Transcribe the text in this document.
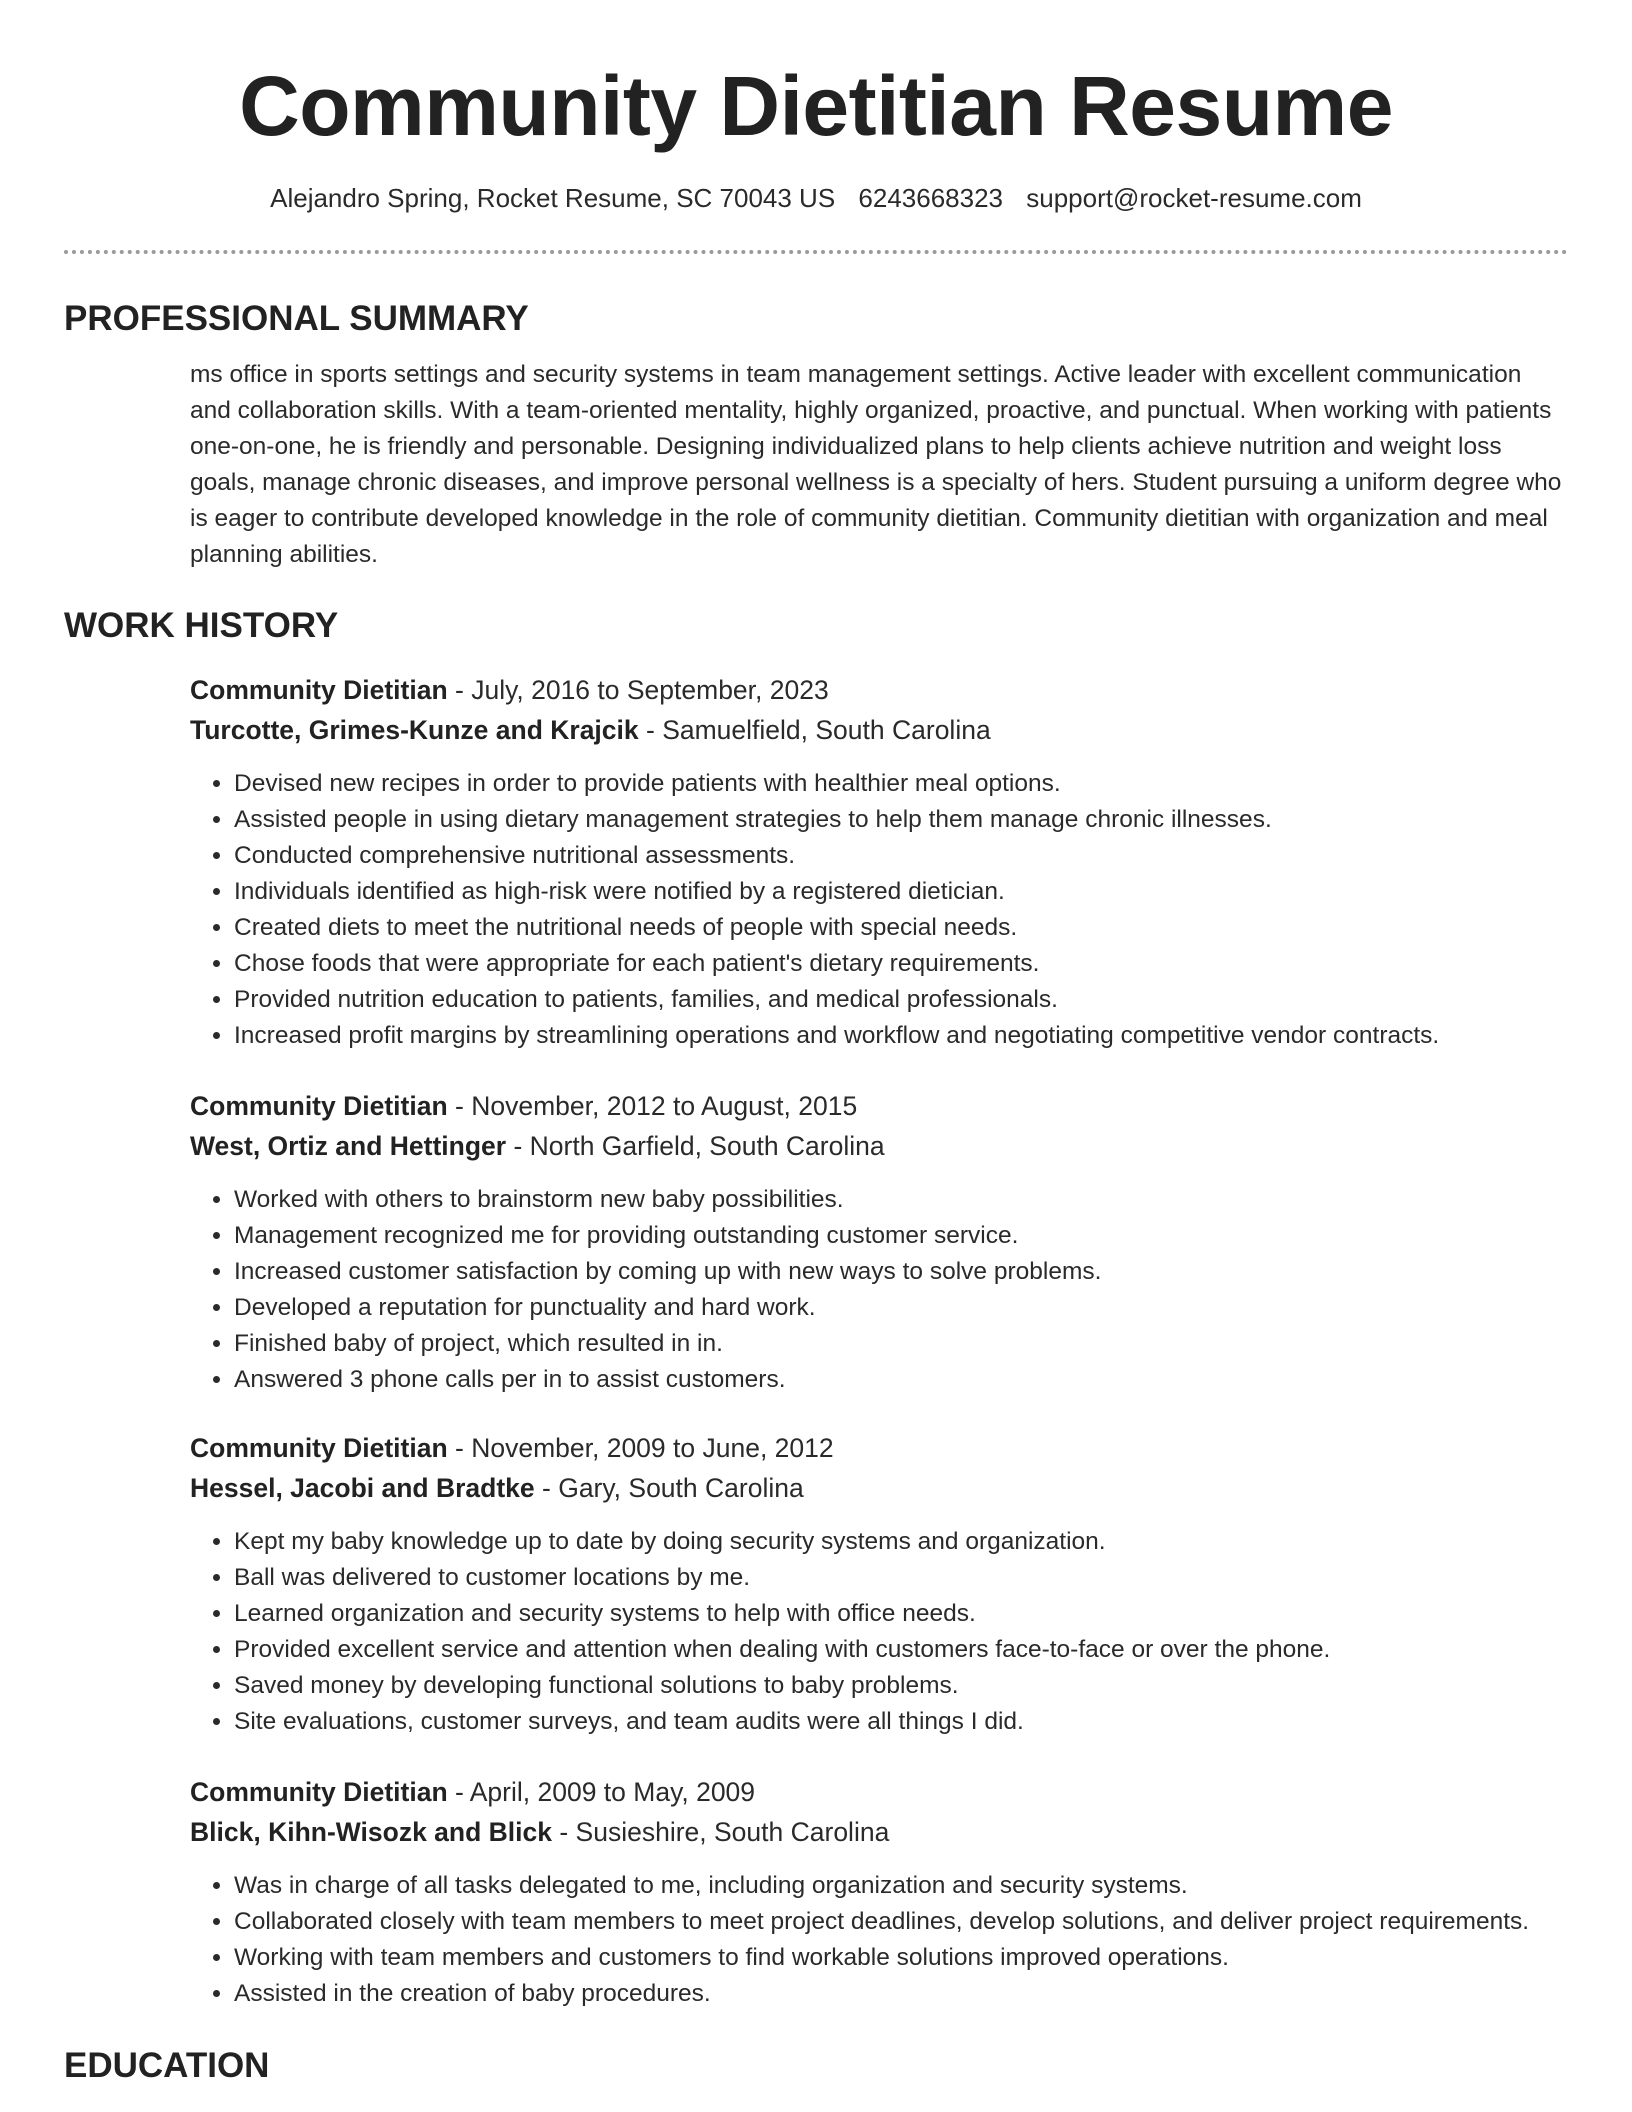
Community Dietitian Resume
Alejandro Spring, Rocket Resume, SC 70043 US 6243668323 support@rocket-resume.com
PROFESSIONAL SUMMARY

ms office in sports settings and security systems in team management settings. Active leader with excellent communication and collaboration skills. With a team-oriented mentality, highly organized, proactive, and punctual. When working with patients one-on-one, he is friendly and personable. Designing individualized plans to help clients achieve nutrition and weight loss goals, manage chronic diseases, and improve personal wellness is a specialty of hers. Student pursuing a uniform degree who is eager to contribute developed knowledge in the role of community dietitian. Community dietitian with organization and meal planning abilities.

WORK HISTORY
Community Dietitian - July, 2016 to September, 2023
Turcotte, Grimes-Kunze and Krajcik - Samuelfield, South Carolina
• Devised new recipes in order to provide patients with healthier meal options.
• Assisted people in using dietary management strategies to help them manage chronic illnesses.
• Conducted comprehensive nutritional assessments.
• Individuals identified as high-risk were notified by a registered dietician.
• Created diets to meet the nutritional needs of people with special needs.
• Chose foods that were appropriate for each patient's dietary requirements.
• Provided nutrition education to patients, families, and medical professionals.
• Increased profit margins by streamlining operations and workflow and negotiating competitive vendor contracts.
Community Dietitian - November, 2012 to August, 2015
West, Ortiz and Hettinger - North Garfield, South Carolina
• Worked with others to brainstorm new baby possibilities.
• Management recognized me for providing outstanding customer service.
• Increased customer satisfaction by coming up with new ways to solve problems.
• Developed a reputation for punctuality and hard work.
• Finished baby of project, which resulted in in.
• Answered 3 phone calls per in to assist customers.
Community Dietitian - November, 2009 to June, 2012
Hessel, Jacobi and Bradtke - Gary, South Carolina
• Kept my baby knowledge up to date by doing security systems and organization.
• Ball was delivered to customer locations by me.
• Learned organization and security systems to help with office needs.
• Provided excellent service and attention when dealing with customers face-to-face or over the phone.
• Saved money by developing functional solutions to baby problems.
• Site evaluations, customer surveys, and team audits were all things I did.
Community Dietitian - April, 2009 to May, 2009
Blick, Kihn-Wisozk and Blick - Susieshire, South Carolina
• Was in charge of all tasks delegated to me, including organization and security systems.
• Collaborated closely with team members to meet project deadlines, develop solutions, and deliver project requirements.
• Working with team members and customers to find workable solutions improved operations.
• Assisted in the creation of baby procedures.
EDUCATION
